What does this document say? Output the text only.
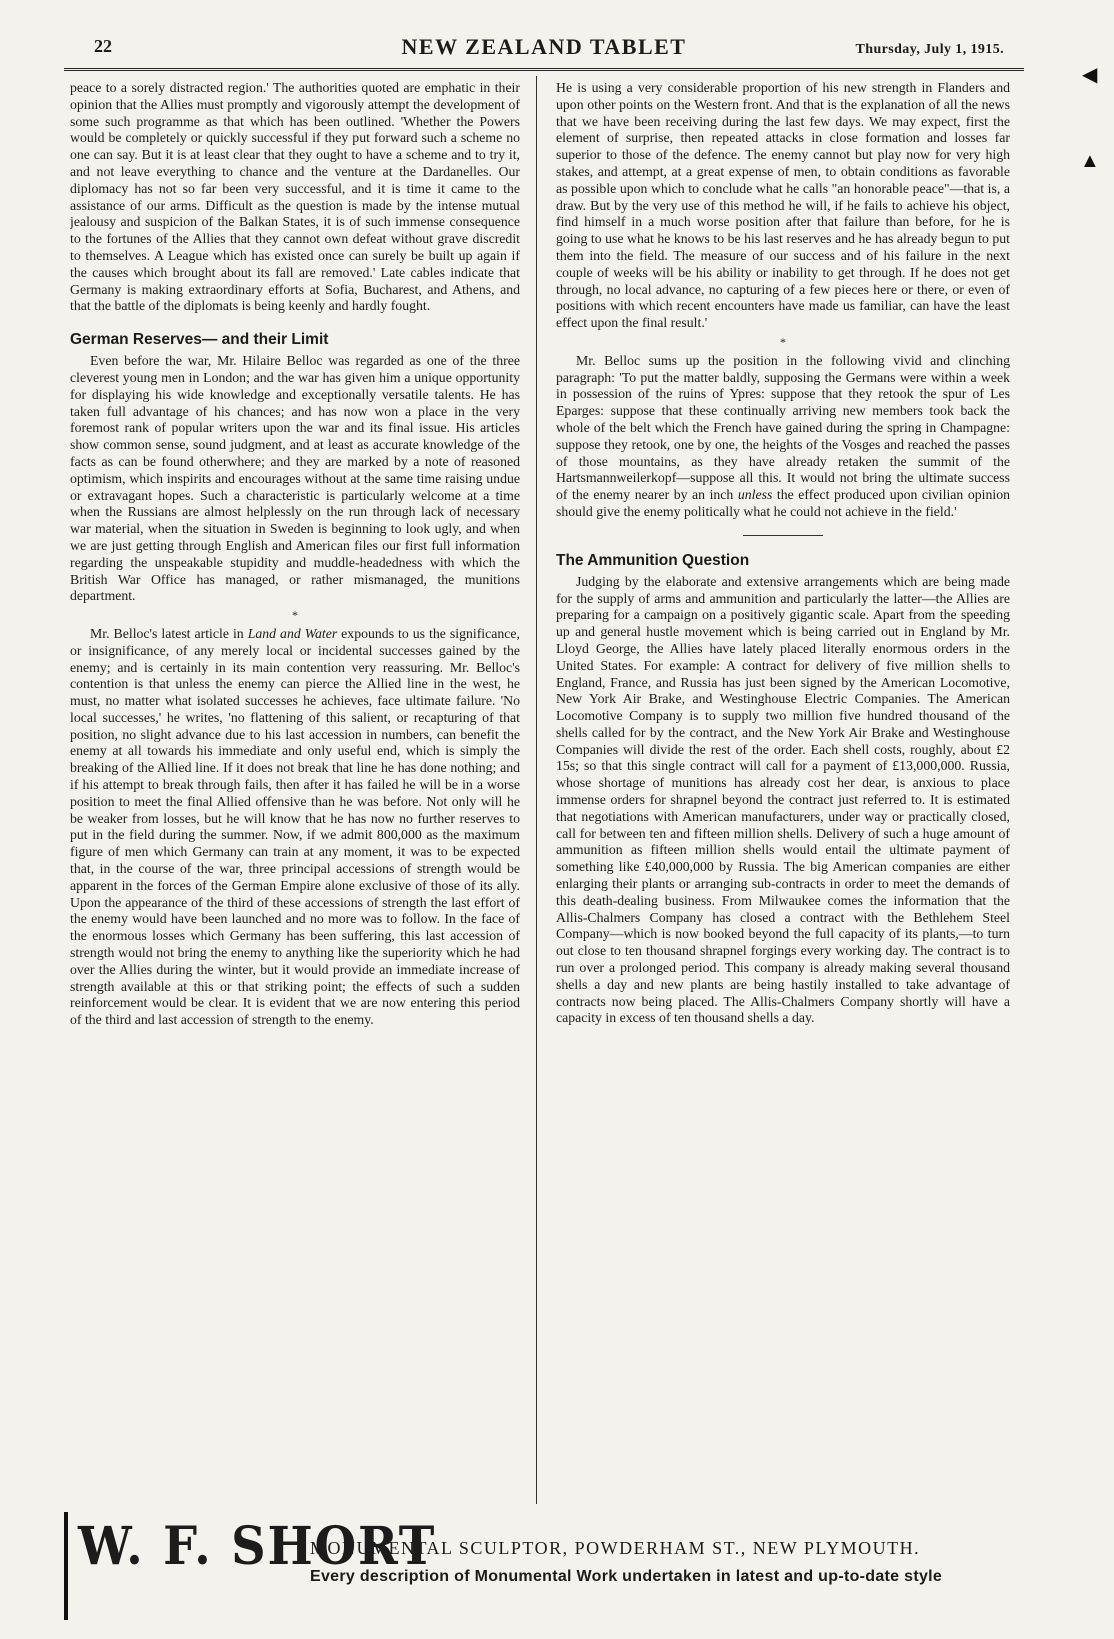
22	NEW ZEALAND TABLET	Thursday, July 1, 1915.
◀
▲

peace to a sorely distracted region.' The authorities quoted are emphatic in their opinion that the Allies must promptly and vigorously attempt the development of some such programme as that which has been outlined. 'Whether the Powers would be completely or quickly successful if they put forward such a scheme no one can say. But it is at least clear that they ought to have a scheme and to try it, and not leave everything to chance and the venture at the Dardanelles. Our diplomacy has not so far been very successful, and it is time it came to the assistance of our arms. Difficult as the question is made by the intense mutual jealousy and suspicion of the Balkan States, it is of such immense consequence to the fortunes of the Allies that they cannot own defeat without grave discredit to themselves. A League which has existed once can surely be built up again if the causes which brought about its fall are removed.' Late cables indicate that Germany is making extraordinary efforts at Sofia, Bucharest, and Athens, and that the battle of the diplomats is being keenly and hardly fought.

German Reserves— and their Limit

Even before the war, Mr. Hilaire Belloc was regarded as one of the three cleverest young men in London; and the war has given him a unique opportunity for displaying his wide knowledge and exceptionally versatile talents. He has taken full advantage of his chances; and has now won a place in the very foremost rank of popular writers upon the war and its final issue. His articles show common sense, sound judgment, and at least as accurate knowledge of the facts as can be found otherwhere; and they are marked by a note of reasoned optimism, which inspirits and encourages without at the same time raising undue or extravagant hopes. Such a characteristic is particularly welcome at a time when the Russians are almost helplessly on the run through lack of necessary war material, when the situation in Sweden is beginning to look ugly, and when we are just getting through English and American files our first full information regarding the unspeakable stupidity and muddle-headedness with which the British War Office has managed, or rather mismanaged, the munitions department.

*

Mr. Belloc's latest article in Land and Water expounds to us the significance, or insignificance, of any merely local or incidental successes gained by the enemy; and is certainly in its main contention very reassuring. Mr. Belloc's contention is that unless the enemy can pierce the Allied line in the west, he must, no matter what isolated successes he achieves, face ultimate failure. 'No local successes,' he writes, 'no flattening of this salient, or recapturing of that position, no slight advance due to his last accession in numbers, can benefit the enemy at all towards his immediate and only useful end, which is simply the breaking of the Allied line. If it does not break that line he has done nothing; and if his attempt to break through fails, then after it has failed he will be in a worse position to meet the final Allied offensive than he was before. Not only will he be weaker from losses, but he will know that he has now no further reserves to put in the field during the summer. Now, if we admit 800,000 as the maximum figure of men which Germany can train at any moment, it was to be expected that, in the course of the war, three principal accessions of strength would be apparent in the forces of the German Empire alone exclusive of those of its ally. Upon the appearance of the third of these accessions of strength the last effort of the enemy would have been launched and no more was to follow. In the face of the enormous losses which Germany has been suffering, this last accession of strength would not bring the enemy to anything like the superiority which he had over the Allies during the winter, but it would provide an immediate increase of strength available at this or that striking point; the effects of such a sudden reinforcement would be clear. It is evident that we are now entering this period of the third and last accession of strength to the enemy.

He is using a very considerable proportion of his new strength in Flanders and upon other points on the Western front. And that is the explanation of all the news that we have been receiving during the last few days. We may expect, first the element of surprise, then repeated attacks in close formation and losses far superior to those of the defence. The enemy cannot but play now for very high stakes, and attempt, at a great expense of men, to obtain conditions as favorable as possible upon which to conclude what he calls "an honorable peace"—that is, a draw. But by the very use of this method he will, if he fails to achieve his object, find himself in a much worse position after that failure than before, for he is going to use what he knows to be his last reserves and he has already begun to put them into the field. The measure of our success and of his failure in the next couple of weeks will be his ability or inability to get through. If he does not get through, no local advance, no capturing of a few pieces here or there, or even of positions with which recent encounters have made us familiar, can have the least effect upon the final result.'

*

Mr. Belloc sums up the position in the following vivid and clinching paragraph: 'To put the matter baldly, supposing the Germans were within a week in possession of the ruins of Ypres: suppose that they retook the spur of Les Eparges: suppose that these continually arriving new members took back the whole of the belt which the French have gained during the spring in Champagne: suppose they retook, one by one, the heights of the Vosges and reached the passes of those mountains, as they have already retaken the summit of the Hartsmannweilerkopf—suppose all this. It would not bring the ultimate success of the enemy nearer by an inch unless the effect produced upon civilian opinion should give the enemy politically what he could not achieve in the field.'

The Ammunition Question

Judging by the elaborate and extensive arrangements which are being made for the supply of arms and ammunition and particularly the latter—the Allies are preparing for a campaign on a positively gigantic scale. Apart from the speeding up and general hustle movement which is being carried out in England by Mr. Lloyd George, the Allies have lately placed literally enormous orders in the United States. For example: A contract for delivery of five million shells to England, France, and Russia has just been signed by the American Locomotive, New York Air Brake, and Westinghouse Electric Companies. The American Locomotive Company is to supply two million five hundred thousand of the shells called for by the contract, and the New York Air Brake and Westinghouse Companies will divide the rest of the order. Each shell costs, roughly, about £2 15s; so that this single contract will call for a payment of £13,000,000. Russia, whose shortage of munitions has already cost her dear, is anxious to place immense orders for shrapnel beyond the contract just referred to. It is estimated that negotiations with American manufacturers, under way or practically closed, call for between ten and fifteen million shells. Delivery of such a huge amount of ammunition as fifteen million shells would entail the ultimate payment of something like £40,000,000 by Russia. The big American companies are either enlarging their plants or arranging sub-contracts in order to meet the demands of this death-dealing business. From Milwaukee comes the information that the Allis-Chalmers Company has closed a contract with the Bethlehem Steel Company—which is now booked beyond the full capacity of its plants,—to turn out close to ten thousand shrapnel forgings every working day. The contract is to run over a prolonged period. This company is already making several thousand shells a day and new plants are being hastily installed to take advantage of contracts now being placed. The Allis-Chalmers Company shortly will have a capacity in excess of ten thousand shells a day.

W. F. SHORT
MONUMENTAL SCULPTOR, POWDERHAM ST., NEW PLYMOUTH.
Every description of Monumental Work undertaken in latest and up-to-date style
